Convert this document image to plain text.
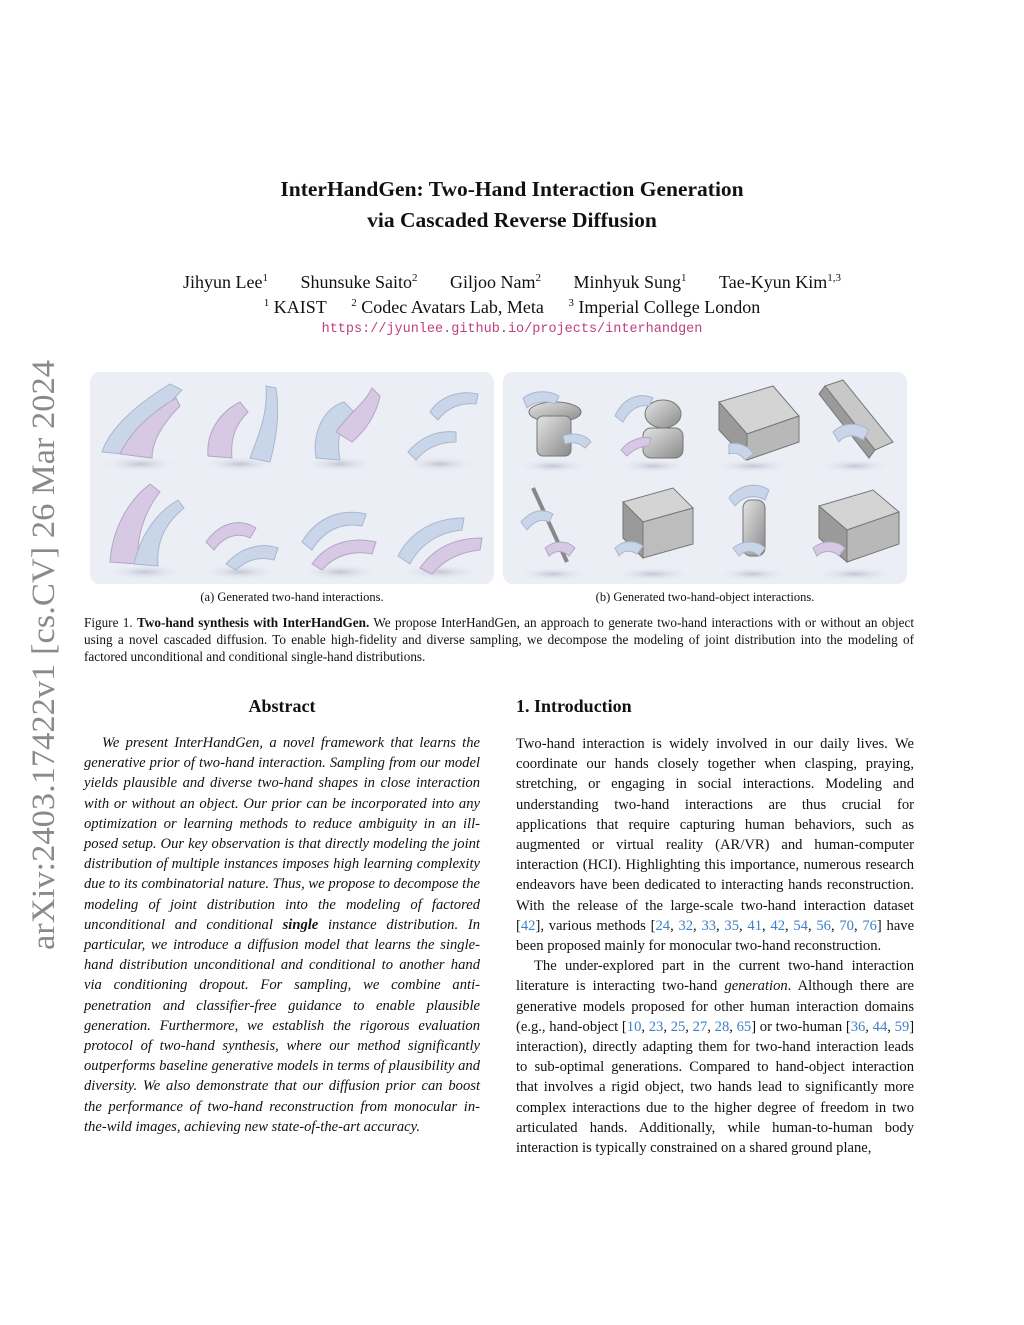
arXiv:2403.17422v1 [cs.CV] 26 Mar 2024
InterHandGen: Two-Hand Interaction Generation
via Cascaded Reverse Diffusion
Jihyun Lee$^1$ Shunsuke Saito$^2$ Giljoo Nam$^2$ Minhyuk Sung$^1$ Tae-Kyun Kim$^{1,3}$
$^1$ KAIST $^2$ Codec Avatars Lab, Meta $^3$ Imperial College London
https://jyunlee.github.io/projects/interhandgen
(a) Generated two-hand interactions.	(b) Generated two-hand-object interactions.
Figure 1. Two-hand synthesis with InterHandGen. We propose InterHandGen, an approach to generate two-hand interactions with or without an object using a novel cascaded diffusion. To enable high-fidelity and diverse sampling, we decompose the modeling of joint distribution into the modeling of factored unconditional and conditional single-hand distributions.
Abstract

We present InterHandGen, a novel framework that learns the generative prior of two-hand interaction. Sampling from our model yields plausible and diverse two-hand shapes in close interaction with or without an object. Our prior can be incorporated into any optimization or learning methods to reduce ambiguity in an ill-posed setup. Our key observation is that directly modeling the joint distribution of multiple instances imposes high learning complexity due to its combinatorial nature. Thus, we propose to decompose the modeling of joint distribution into the modeling of factored unconditional and conditional single instance distribution. In particular, we introduce a diffusion model that learns the single-hand distribution unconditional and conditional to another hand via conditioning dropout. For sampling, we combine anti-penetration and classifier-free guidance to enable plausible generation. Furthermore, we establish the rigorous evaluation protocol of two-hand synthesis, where our method significantly outperforms baseline generative models in terms of plausibility and diversity. We also demonstrate that our diffusion prior can boost the performance of two-hand reconstruction from monocular in-the-wild images, achieving new state-of-the-art accuracy.

1. Introduction

Two-hand interaction is widely involved in our daily lives. We coordinate our hands closely together when clasping, praying, stretching, or engaging in social interactions. Modeling and understanding two-hand interactions are thus crucial for applications that require capturing human behaviors, such as augmented or virtual reality (AR/VR) and human-computer interaction (HCI). Highlighting this importance, numerous research endeavors have been dedicated to interacting hands reconstruction. With the release of the large-scale two-hand interaction dataset [42], various methods [24, 32, 33, 35, 41, 42, 54, 56, 70, 76] have been proposed mainly for monocular two-hand reconstruction.

The under-explored part in the current two-hand interaction literature is interacting two-hand generation. Although there are generative models proposed for other human interaction domains (e.g., hand-object [10, 23, 25, 27, 28, 65] or two-human [36, 44, 59] interaction), directly adapting them for two-hand interaction leads to sub-optimal generations. Compared to hand-object interaction that involves a rigid object, two hands lead to significantly more complex interactions due to the higher degree of freedom in two articulated hands. Additionally, while human-to-human body interaction is typically constrained on a shared ground plane,
